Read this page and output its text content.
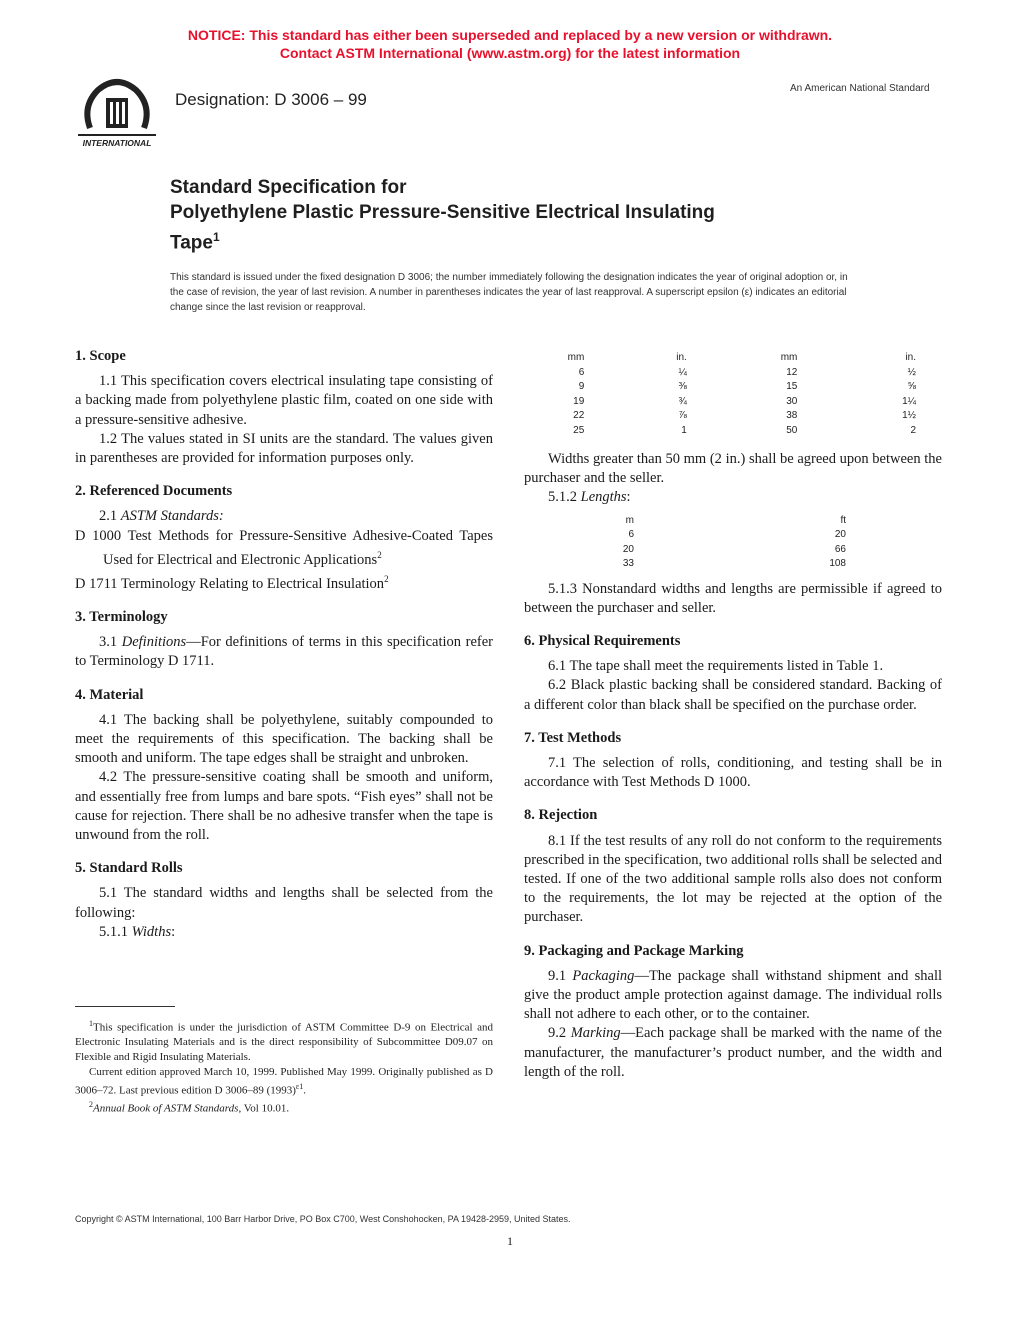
NOTICE: This standard has either been superseded and replaced by a new version or withdrawn.
Contact ASTM International (www.astm.org) for the latest information
INTERNATIONAL
Designation: D 3006 – 99
An American National Standard
Standard Specification for
Polyethylene Plastic Pressure-Sensitive Electrical Insulating
Tape$^1$
This standard is issued under the fixed designation D 3006; the number immediately following the designation indicates the year of original adoption or, in the case of revision, the year of last revision. A number in parentheses indicates the year of last reapproval. A superscript epsilon (ε) indicates an editorial change since the last revision or reapproval.
1. Scope

1.1 This specification covers electrical insulating tape consisting of a backing made from polyethylene plastic film, coated on one side with a pressure-sensitive adhesive.

1.2 The values stated in SI units are the standard. The values given in parentheses are provided for information purposes only.

2. Referenced Documents

2.1 ASTM Standards:

D 1000 Test Methods for Pressure-Sensitive Adhesive-Coated Tapes Used for Electrical and Electronic Applications$^2$

D 1711 Terminology Relating to Electrical Insulation$^2$

3. Terminology

3.1 Definitions—For definitions of terms in this specification refer to Terminology D 1711.

4. Material

4.1 The backing shall be polyethylene, suitably compounded to meet the requirements of this specification. The backing shall be smooth and uniform. The tape edges shall be straight and unbroken.

4.2 The pressure-sensitive coating shall be smooth and uniform, and essentially free from lumps and bare spots. “Fish eyes” shall not be cause for rejection. There shall be no adhesive transfer when the tape is unwound from the roll.

5. Standard Rolls

5.1 The standard widths and lengths shall be selected from the following:

5.1.1 Widths:

$^1$This specification is under the jurisdiction of ASTM Committee D-9 on Electrical and Electronic Insulating Materials and is the direct responsibility of Subcommittee D09.07 on Flexible and Rigid Insulating Materials.

Current edition approved March 10, 1999. Published May 1999. Originally published as D 3006–72. Last previous edition D 3006–89 $(1993)^{\varepsilon 1}$.

$^2$Annual Book of ASTM Standards, Vol 10.01.

mm	in.	mm	in.
6	¼	12	½
9	⅜	15	⅝
19	¾	30	1¼
22	⅞	38	1½
25	1	50	2

Widths greater than 50 mm (2 in.) shall be agreed upon between the purchaser and the seller.

5.1.2 Lengths:

m	ft
6	20
20	66
33	108

5.1.3 Nonstandard widths and lengths are permissible if agreed to between the purchaser and seller.

6. Physical Requirements

6.1 The tape shall meet the requirements listed in Table 1.

6.2 Black plastic backing shall be considered standard. Backing of a different color than black shall be specified on the purchase order.

7. Test Methods

7.1 The selection of rolls, conditioning, and testing shall be in accordance with Test Methods D 1000.

8. Rejection

8.1 If the test results of any roll do not conform to the requirements prescribed in the specification, two additional rolls shall be selected and tested. If one of the two additional sample rolls also does not conform to the requirements, the lot may be rejected at the option of the purchaser.

9. Packaging and Package Marking

9.1 Packaging—The package shall withstand shipment and shall give the product ample protection against damage. The individual rolls shall not adhere to each other, or to the container.

9.2 Marking—Each package shall be marked with the name of the manufacturer, the manufacturer’s product number, and the width and length of the roll.

Copyright © ASTM International, 100 Barr Harbor Drive, PO Box C700, West Conshohocken, PA 19428-2959, United States.
1
